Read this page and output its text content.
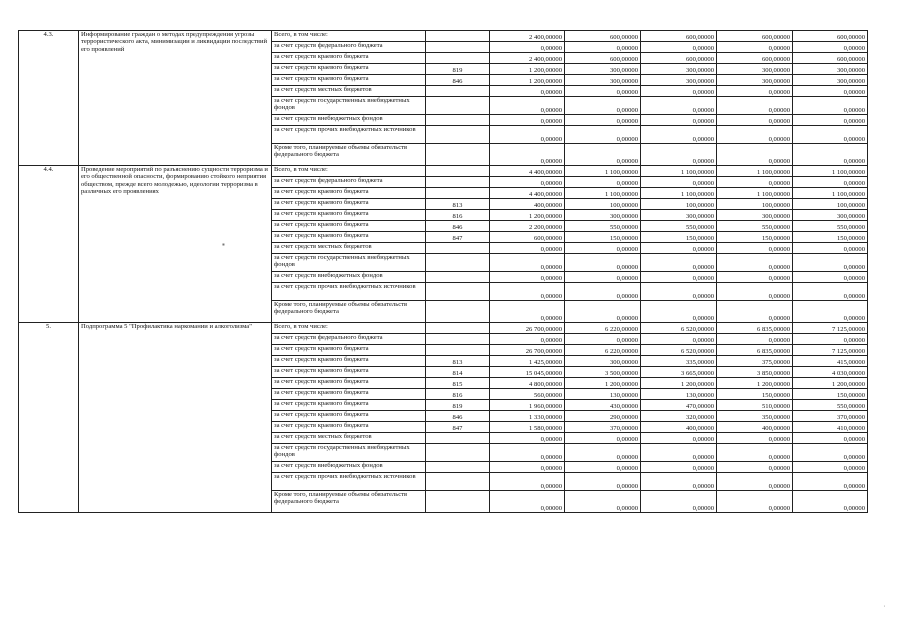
4.3.	Информирование граждан о методах предупреждения угрозы террористического акта, минимизации и ликвидации последствий его проявлений	Всего, в том числе:		2 400,00000	600,00000	600,00000	600,00000	600,00000
		за счет средств федерального бюджета		0,00000	0,00000	0,00000	0,00000	0,00000
		за счет средств краевого бюджета		2 400,00000	600,00000	600,00000	600,00000	600,00000
		за счет средств краевого бюджета	819	1 200,00000	300,00000	300,00000	300,00000	300,00000
		за счет средств краевого бюджета	846	1 200,00000	300,00000	300,00000	300,00000	300,00000
		за счет средств местных бюджетов		0,00000	0,00000	0,00000	0,00000	0,00000
		за счет средств государственных внебюджетных фондов		0,00000	0,00000	0,00000	0,00000	0,00000
		за счет средств внебюджетных фондов		0,00000	0,00000	0,00000	0,00000	0,00000
		за счет средств прочих внебюджетных источников		0,00000	0,00000	0,00000	0,00000	0,00000
		Кроме того, планируемые объемы обязательств федерального бюджета		0,00000	0,00000	0,00000	0,00000	0,00000
4.4.	Проведение мероприятий по разъяснению сущности терроризма и его общественной опасности, формированию стойкого неприятия обществом, прежде всего молодежью, идеологии терроризма в различных его проявлениях	Всего, в том числе:		4 400,00000	1 100,00000	1 100,00000	1 100,00000	1 100,00000
		за счет средств федерального бюджета		0,00000	0,00000	0,00000	0,00000	0,00000
		за счет средств краевого бюджета		4 400,00000	1 100,00000	1 100,00000	1 100,00000	1 100,00000
		за счет средств краевого бюджета	813	400,00000	100,00000	100,00000	100,00000	100,00000
		за счет средств краевого бюджета	816	1 200,00000	300,00000	300,00000	300,00000	300,00000
		за счет средств краевого бюджета	846	2 200,00000	550,00000	550,00000	550,00000	550,00000
		за счет средств краевого бюджета	847	600,00000	150,00000	150,00000	150,00000	150,00000
		за счет средств местных бюджетов		0,00000	0,00000	0,00000	0,00000	0,00000
		за счет средств государственных внебюджетных фондов		0,00000	0,00000	0,00000	0,00000	0,00000
		за счет средств внебюджетных фондов		0,00000	0,00000	0,00000	0,00000	0,00000
		за счет средств прочих внебюджетных источников		0,00000	0,00000	0,00000	0,00000	0,00000
		Кроме того, планируемые объемы обязательств федерального бюджета		0,00000	0,00000	0,00000	0,00000	0,00000
5.	Подпрограмма 5 "Профилактика наркомании и алкоголизма"	Всего, в том числе:		26 700,00000	6 220,00000	6 520,00000	6 835,00000	7 125,00000
		за счет средств федерального бюджета		0,00000	0,00000	0,00000	0,00000	0,00000
		за счет средств краевого бюджета		26 700,00000	6 220,00000	6 520,00000	6 835,00000	7 125,00000
		за счет средств краевого бюджета	813	1 425,00000	300,00000	335,00000	375,00000	415,00000
		за счет средств краевого бюджета	814	15 045,00000	3 500,00000	3 665,00000	3 850,00000	4 030,00000
		за счет средств краевого бюджета	815	4 800,00000	1 200,00000	1 200,00000	1 200,00000	1 200,00000
		за счет средств краевого бюджета	816	560,00000	130,00000	130,00000	150,00000	150,00000
		за счет средств краевого бюджета	819	1 960,00000	430,00000	470,00000	510,00000	550,00000
		за счет средств краевого бюджета	846	1 330,00000	290,00000	320,00000	350,00000	370,00000
		за счет средств краевого бюджета	847	1 580,00000	370,00000	400,00000	400,00000	410,00000
		за счет средств местных бюджетов		0,00000	0,00000	0,00000	0,00000	0,00000
		за счет средств государственных внебюджетных фондов		0,00000	0,00000	0,00000	0,00000	0,00000
		за счет средств внебюджетных фондов		0,00000	0,00000	0,00000	0,00000	0,00000
		за счет средств прочих внебюджетных источников		0,00000	0,00000	0,00000	0,00000	0,00000
		Кроме того, планируемые объемы обязательств федерального бюджета		0,00000	0,00000	0,00000	0,00000	0,00000
▪
˙
